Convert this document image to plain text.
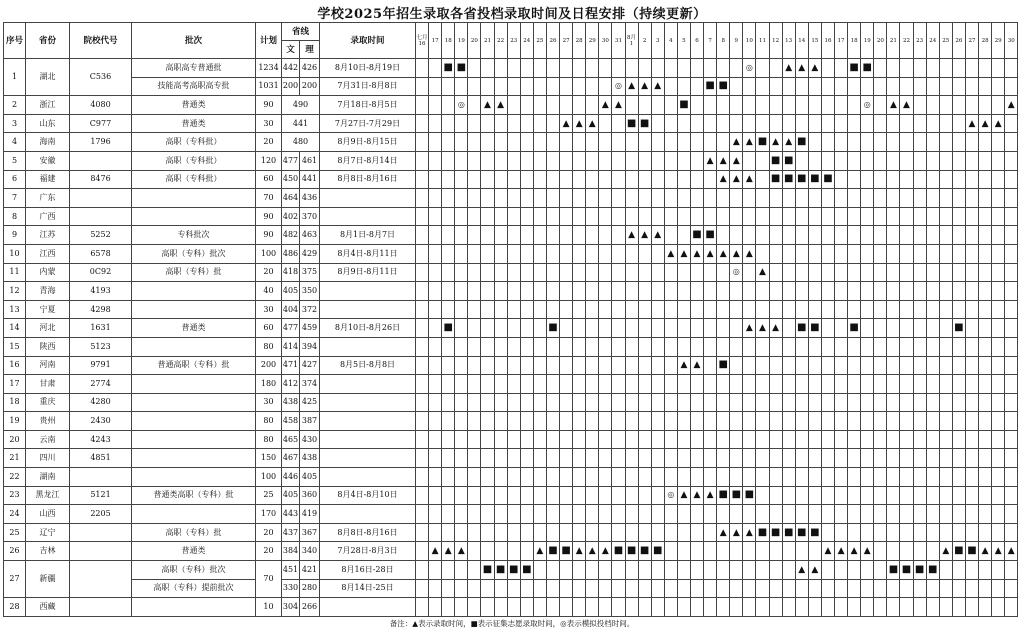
学校2025年招生录取各省投档录取时间及日程安排（持续更新）
序号	省份	院校代号	批次	计划	省线		录取时间	七月16	17	18	19	20	21	22	23	24	25	26	27	28	29	30	31	8月1	2	3	4	5	6	7	8	9	10	11	12	13	14	15	16	17	18	19	20	21	22	23	24	25	26	27	28	29	30
					文	理																																															
1	湖北	C536	高职高专普通批	1234	442	426	8月10日-8月19日			■	■																						◎			▲	▲	▲			■	■											
			技能高考高职高专批	1031	200	200	7月31日-8月8日																◎	▲	▲	▲				■	■																						
2	浙江	4080	普通类	90	490		7月18日-8月5日				◎		▲	▲								▲	▲					■														◎		▲	▲								▲
3	山东	C977	普通类	30	441		7月27日-7月29日												▲	▲	▲			■	■																									▲	▲	▲	
4	海南	1796	高职（专科批）	20	480		8月9日-8月15日																									▲	▲	■	▲	▲	■																
5	安徽		高职（专科批）	120	477	461	8月7日-8月14日																							▲	▲	▲			■	■																	
6	福建	8476	高职（专科批）	60	450	441	8月8日-8月16日																								▲	▲	▲		■	■	■	■	■														
7	广东			70	464	436																																															
8	广西			90	402	370																																															
9	江苏	5252	专科批次	90	482	463	8月1日-8月7日																	▲	▲	▲			■	■																							
10	江西	6578	高职（专科）批次	100	486	429	8月4日-8月11日																				▲	▲	▲	▲	▲	▲	▲																				
11	内蒙	0C92	高职（专科）批	20	418	375	8月9日-8月11日																									◎		▲																			
12	青海	4193		40	405	350																																															
13	宁夏	4298		30	404	372																																															
14	河北	1631	普通类	60	477	459	8月10日-8月26日			■								■															▲	▲	▲		■	■			■								■				
15	陕西	5123		80	414	394																																															
16	河南	9791	普通高职（专科）批	200	471	427	8月5日-8月8日																					▲	▲		■																						
17	甘肃	2774		180	412	374																																															
18	重庆	4280		30	438	425																																															
19	贵州	2430		80	458	387																																															
20	云南	4243		80	465	430																																															
21	四川	4851		150	467	438																																															
22	湖南			100	446	405																																															
23	黑龙江	5121	普通类高职（专科）批	25	405	360	8月4日-8月10日																				◎	▲	▲	▲	■	■	■																				
24	山西	2205		170	443	419																																															
25	辽宁		高职（专科）批	20	437	367	8月8日-8月16日																								▲	▲	▲	■	■	■	■	■															
26	吉林		普通类	20	384	340	7月28日-8月3日		▲	▲	▲						▲	■	■	▲	▲	▲	■	■	■	■													▲	▲	▲	▲						▲	■	■	▲	▲	▲
27	新疆		高职（专科）批次	70	451	421	8月16日-28日						■	■	■	■																					▲	▲						■	■	■	■						
			高职（专科）提前批次		330	280	8月14日-25日																																														
28	西藏			10	304	266																																															
备注：▲表示录取时间，■表示征集志愿录取时间，◎表示模拟投档时间。
